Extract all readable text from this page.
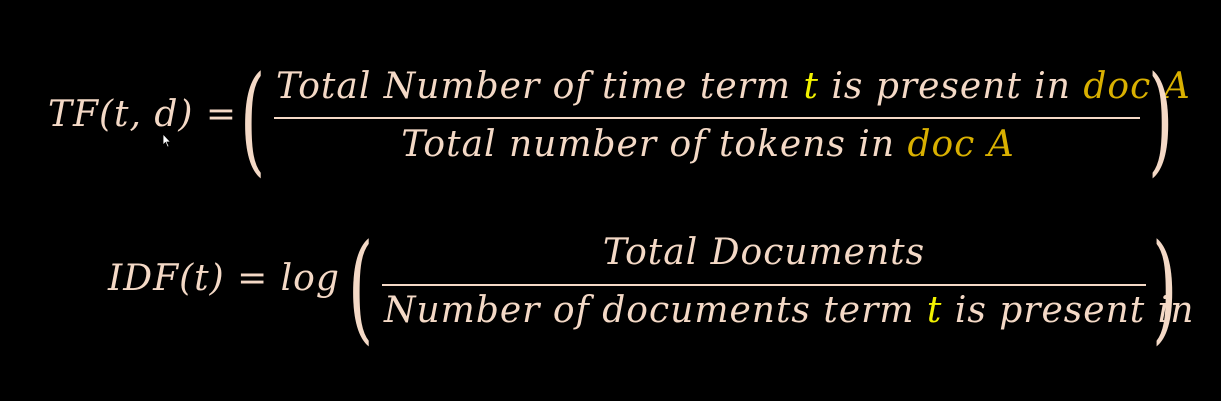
TF(t, d) = ( Total Number of time term t is present in doc A
Total number of tokens in doc A	)
IDF(t) = log (	Total Documents
Number of documents term t is present in
)
